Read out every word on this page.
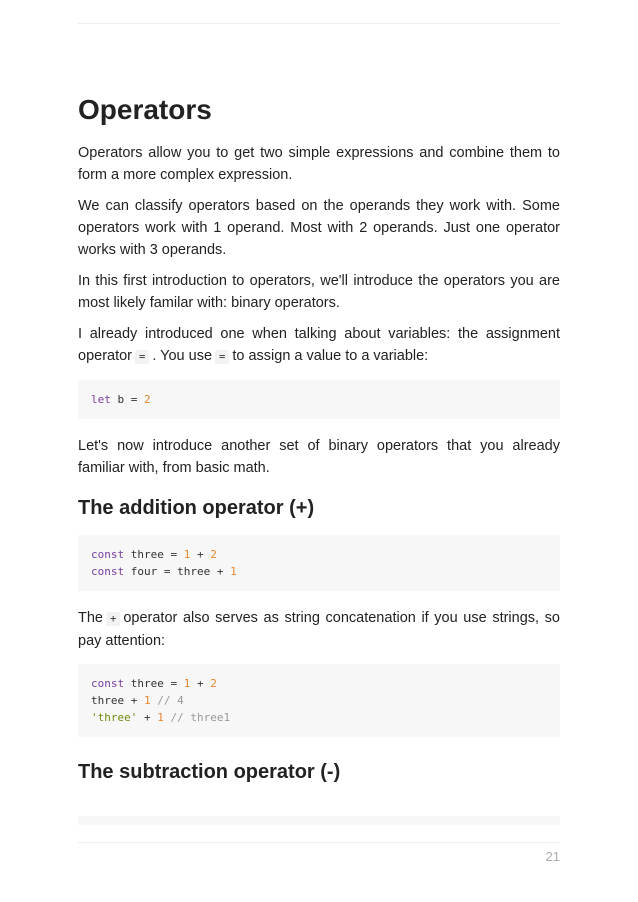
Operators

Operators allow you to get two simple expressions and combine them to form a more complex expression.

We can classify operators based on the operands they work with. Some operators work with 1 operand. Most with 2 operands. Just one operator works with 3 operands.

In this first introduction to operators, we'll introduce the operators you are most likely familar with: binary operators.

I already introduced one when talking about variables: the assignment operator = . You use = to assign a value to a variable:

let b = 2

Let's now introduce another set of binary operators that you already familiar with, from basic math.

The addition operator (+)
const three = 1 + 2
const four = three + 1

The + operator also serves as string concatenation if you use strings, so pay attention:

const three = 1 + 2
three + 1 // 4
'three' + 1 // three1
The subtraction operator (-)
21
